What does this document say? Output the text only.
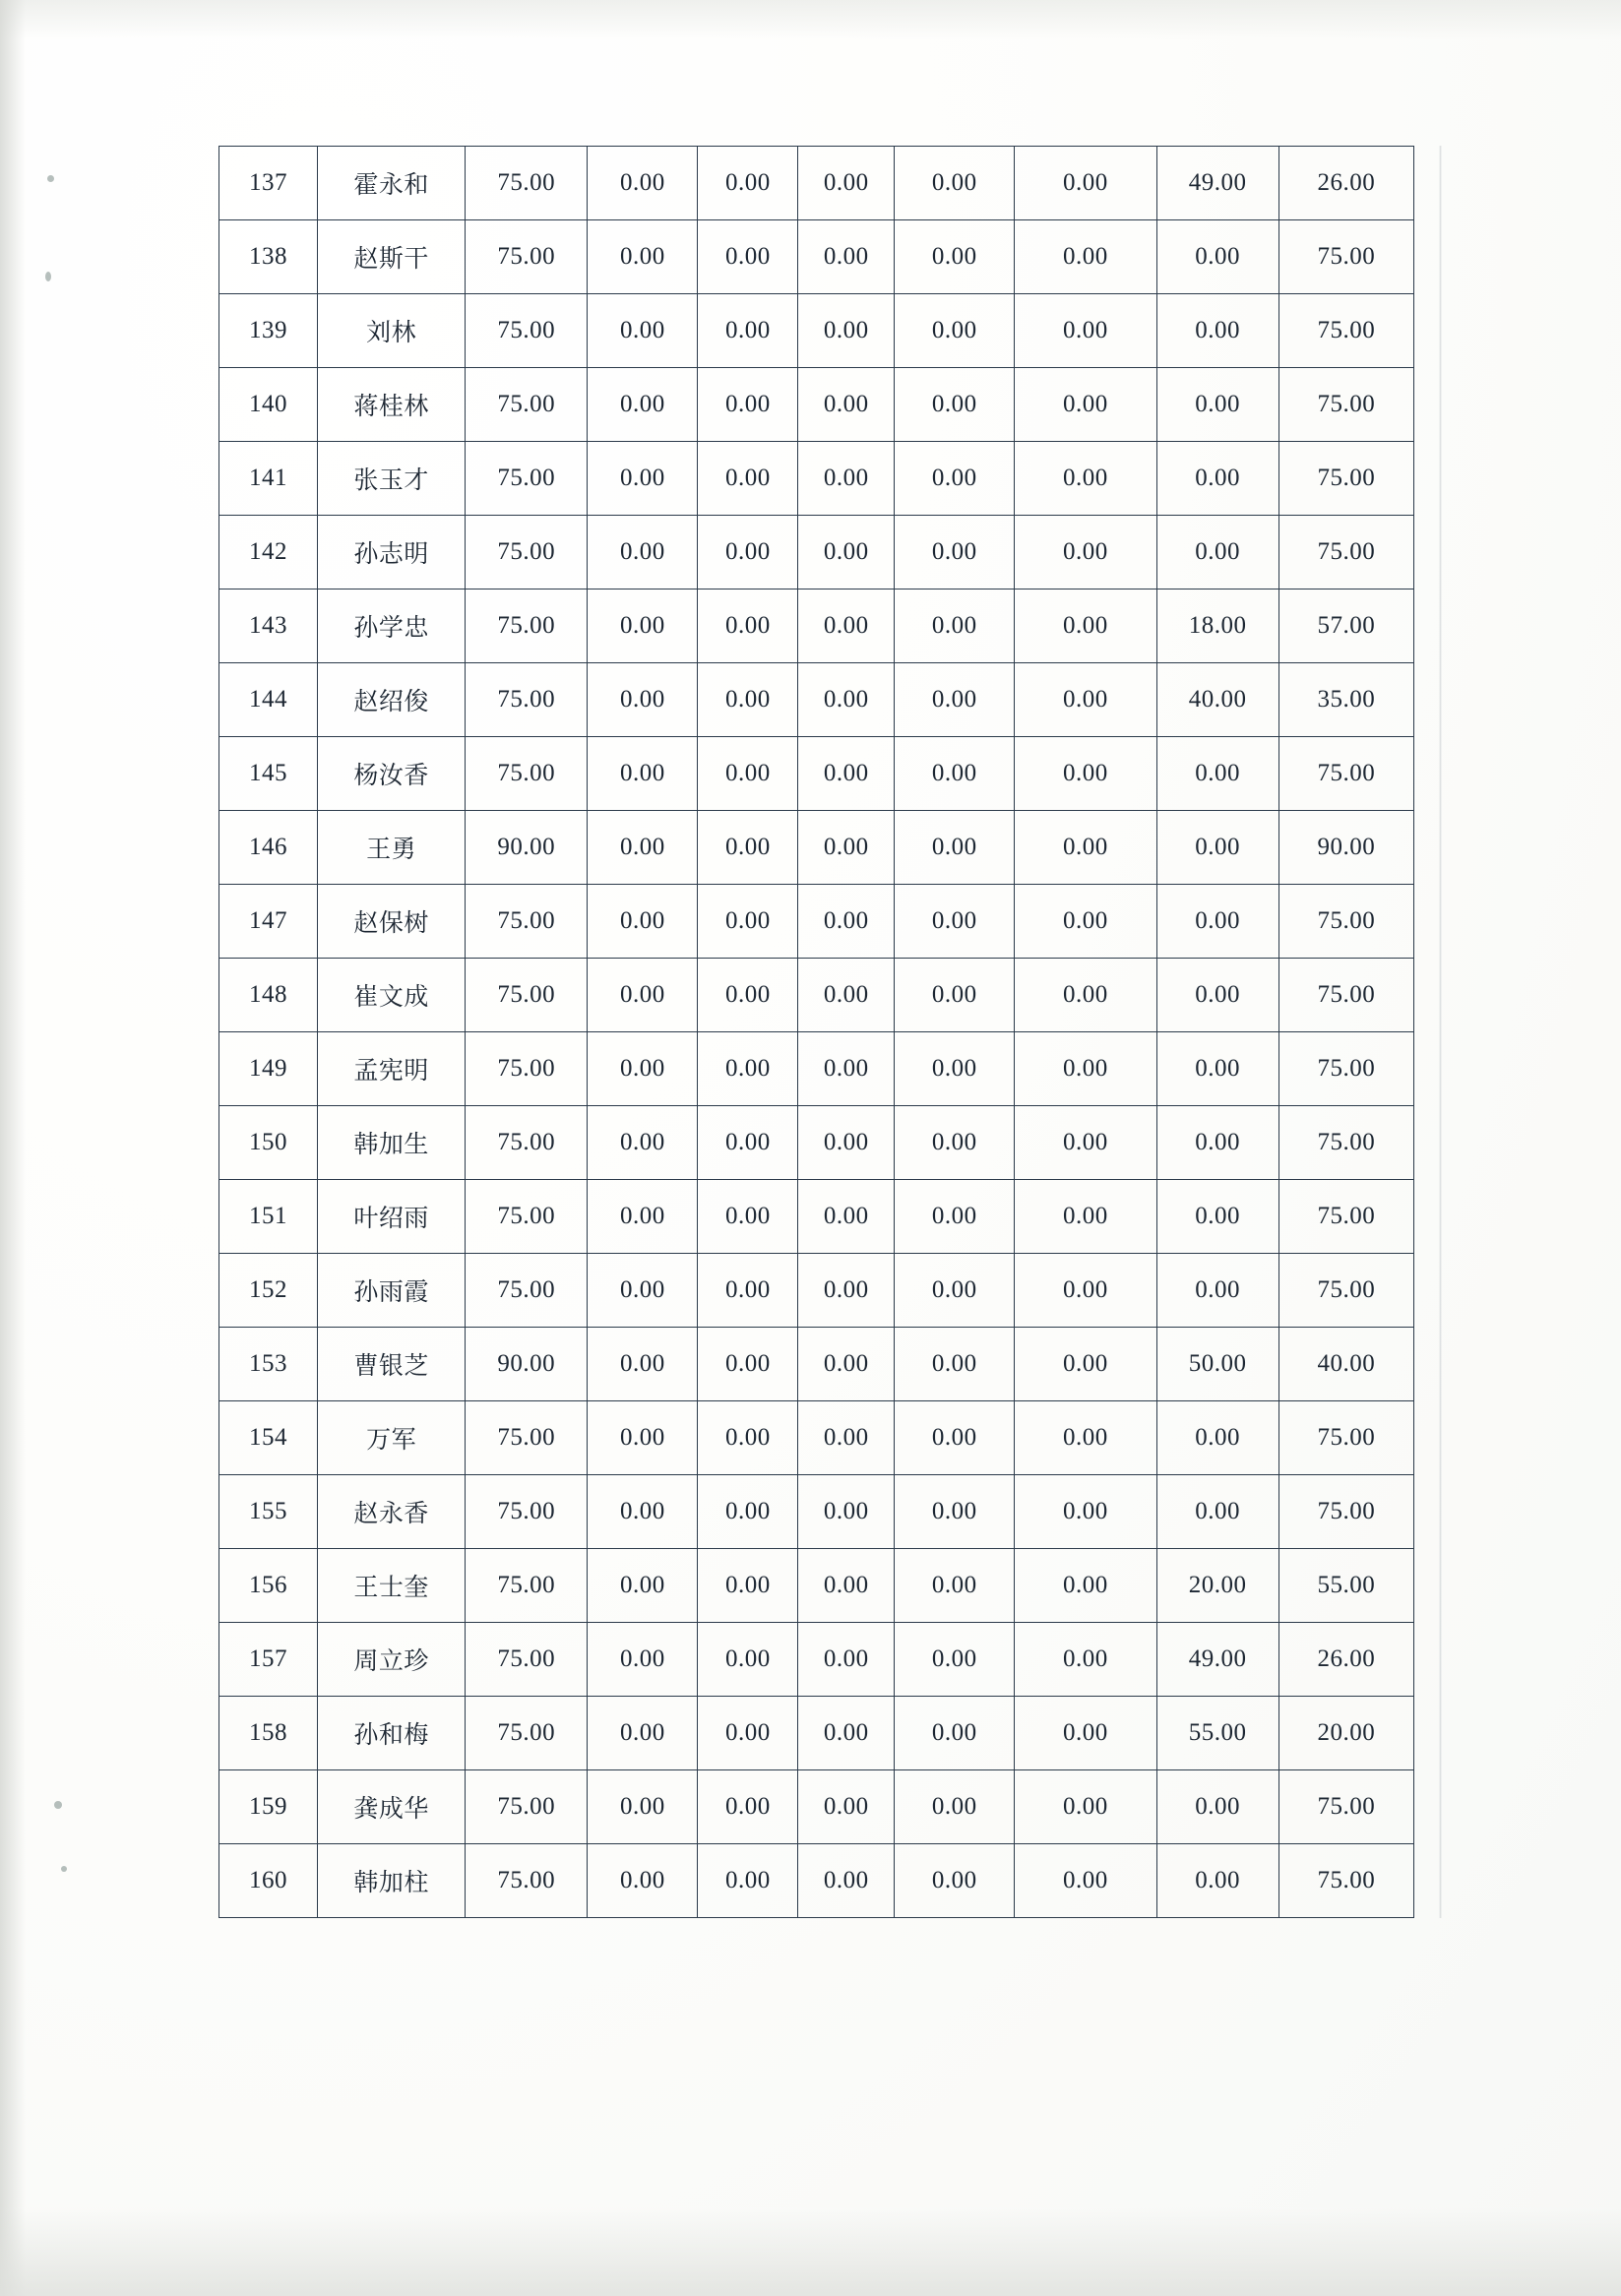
137	霍永和	75.00	0.00	0.00	0.00	0.00	0.00	49.00	26.00
138	赵斯干	75.00	0.00	0.00	0.00	0.00	0.00	0.00	75.00
139	刘林	75.00	0.00	0.00	0.00	0.00	0.00	0.00	75.00
140	蒋桂林	75.00	0.00	0.00	0.00	0.00	0.00	0.00	75.00
141	张玉才	75.00	0.00	0.00	0.00	0.00	0.00	0.00	75.00
142	孙志明	75.00	0.00	0.00	0.00	0.00	0.00	0.00	75.00
143	孙学忠	75.00	0.00	0.00	0.00	0.00	0.00	18.00	57.00
144	赵绍俊	75.00	0.00	0.00	0.00	0.00	0.00	40.00	35.00
145	杨汝香	75.00	0.00	0.00	0.00	0.00	0.00	0.00	75.00
146	王勇	90.00	0.00	0.00	0.00	0.00	0.00	0.00	90.00
147	赵保树	75.00	0.00	0.00	0.00	0.00	0.00	0.00	75.00
148	崔文成	75.00	0.00	0.00	0.00	0.00	0.00	0.00	75.00
149	孟宪明	75.00	0.00	0.00	0.00	0.00	0.00	0.00	75.00
150	韩加生	75.00	0.00	0.00	0.00	0.00	0.00	0.00	75.00
151	叶绍雨	75.00	0.00	0.00	0.00	0.00	0.00	0.00	75.00
152	孙雨霞	75.00	0.00	0.00	0.00	0.00	0.00	0.00	75.00
153	曹银芝	90.00	0.00	0.00	0.00	0.00	0.00	50.00	40.00
154	万军	75.00	0.00	0.00	0.00	0.00	0.00	0.00	75.00
155	赵永香	75.00	0.00	0.00	0.00	0.00	0.00	0.00	75.00
156	王士奎	75.00	0.00	0.00	0.00	0.00	0.00	20.00	55.00
157	周立珍	75.00	0.00	0.00	0.00	0.00	0.00	49.00	26.00
158	孙和梅	75.00	0.00	0.00	0.00	0.00	0.00	55.00	20.00
159	龚成华	75.00	0.00	0.00	0.00	0.00	0.00	0.00	75.00
160	韩加柱	75.00	0.00	0.00	0.00	0.00	0.00	0.00	75.00
